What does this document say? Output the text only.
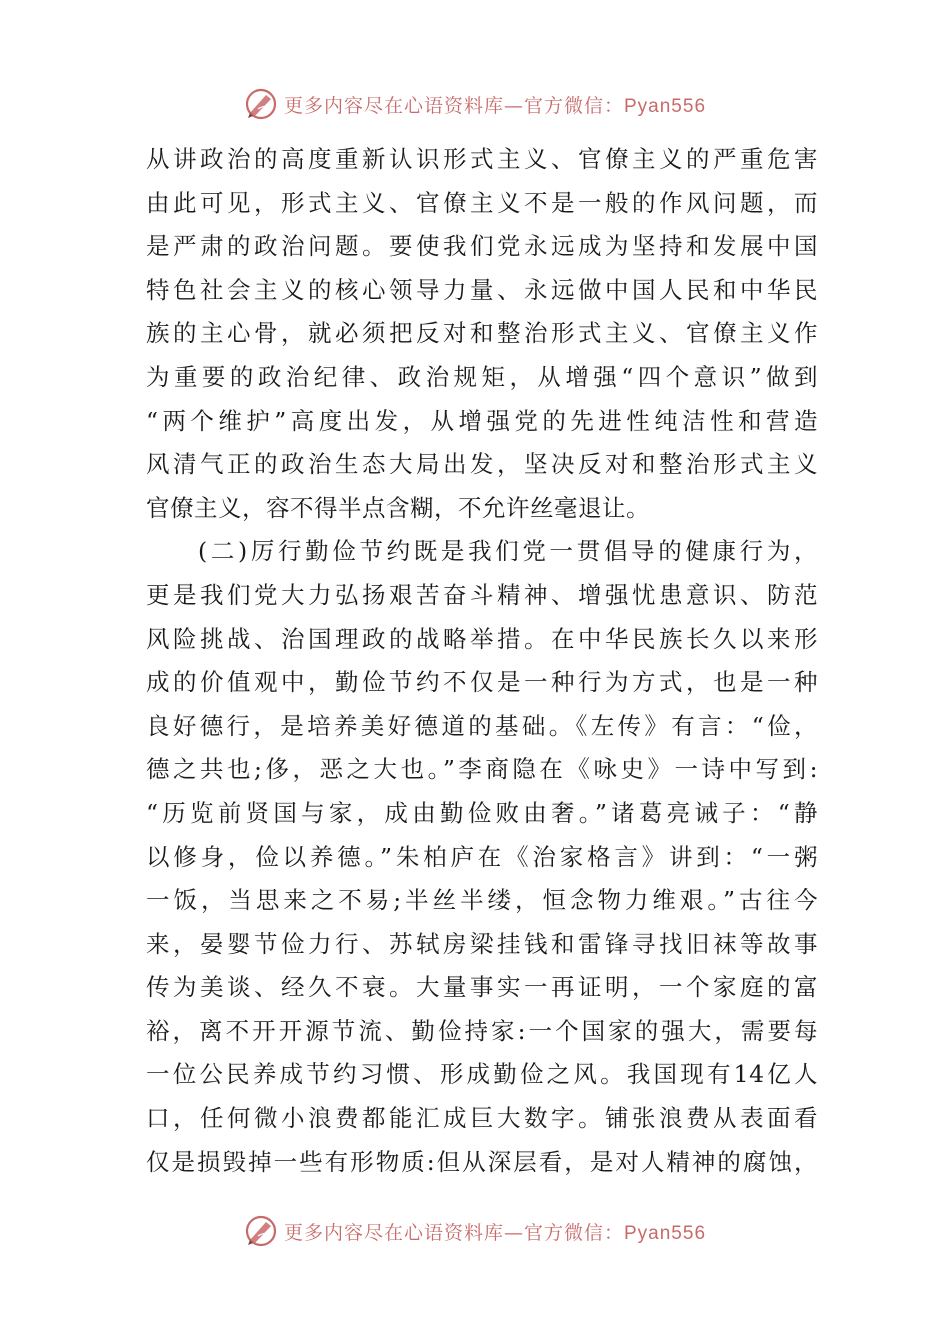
更多内容尽在心语资料库—官方微信：Pyan556
从讲政治的高度重新认识形式主义、官僚主义的严重危害
由此可见，形式主义、官僚主义不是一般的作风问题，而
是严肃的政治问题。要使我们党永远成为坚持和发展中国
特色社会主义的核心领导力量、永远做中国人民和中华民
族的主心骨，就必须把反对和整治形式主义、官僚主义作
为重要的政治纪律、政治规矩，从增强“四个意识”做到
“两个维护”高度出发，从增强党的先进性纯洁性和营造
风清气正的政治生态大局出发，坚决反对和整治形式主义
官僚主义，容不得半点含糊，不允许丝毫退让。
(二)厉行勤俭节约既是我们党一贯倡导的健康行为，
更是我们党大力弘扬艰苦奋斗精神、增强忧患意识、防范
风险挑战、治国理政的战略举措。在中华民族长久以来形
成的价值观中，勤俭节约不仅是一种行为方式，也是一种
良好德行，是培养美好德道的基础。《左传》有言：“俭，
德之共也;侈，恶之大也。”李商隐在《咏史》一诗中写到:
“历览前贤国与家，成由勤俭败由奢。”诸葛亮诫子：“静
以修身，俭以养德。”朱柏庐在《治家格言》讲到：“一粥
一饭，当思来之不易;半丝半缕，恒念物力维艰。”古往今
来，晏婴节俭力行、苏轼房梁挂钱和雷锋寻找旧袜等故事
传为美谈、经久不衰。大量事实一再证明，一个家庭的富
裕，离不开开源节流、勤俭持家:一个国家的强大，需要每
一位公民养成节约习惯、形成勤俭之风。我国现有14亿人
口，任何微小浪费都能汇成巨大数字。铺张浪费从表面看
仅是损毁掉一些有形物质:但从深层看，是对人精神的腐蚀，
更多内容尽在心语资料库—官方微信：Pyan556
